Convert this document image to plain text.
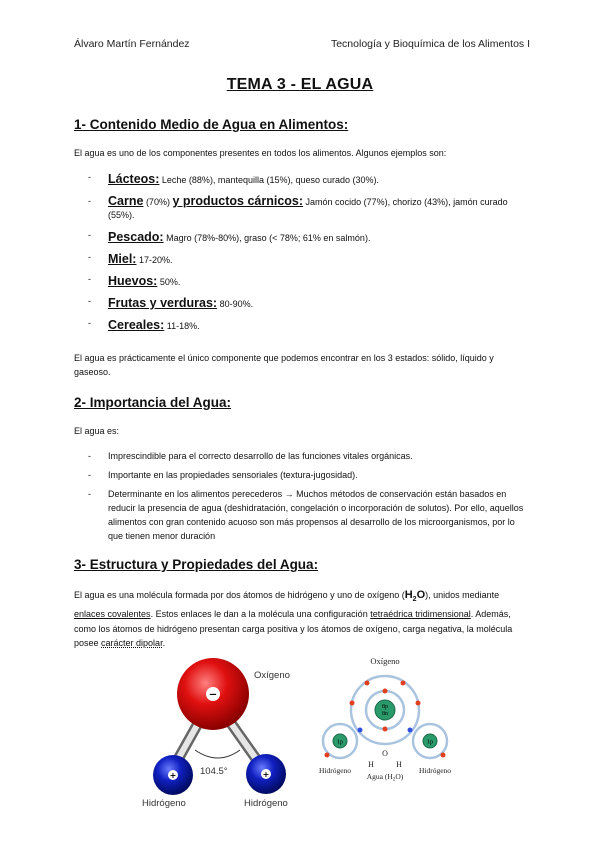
Álvaro Martín Fernández	Tecnología y Bioquímica de los Alimentos I
TEMA 3 - EL AGUA
1- Contenido Medio de Agua en Alimentos:
El agua es uno de los componentes presentes en todos los alimentos. Algunos ejemplos son:
- Lácteos: Leche (88%), mantequilla (15%), queso curado (30%).
- Carne (70%) y productos cárnicos: Jamón cocido (77%), chorizo (43%), jamón curado (55%).
- Pescado: Magro (78%-80%), graso (< 78%; 61% en salmón).
- Miel: 17-20%.
- Huevos: 50%.
- Frutas y verduras: 80-90%.
- Cereales: 11-18%.
El agua es prácticamente el único componente que podemos encontrar en los 3 estados: sólido, líquido y gaseoso.
2- Importancia del Agua:
El agua es:
- Imprescindible para el correcto desarrollo de las funciones vitales orgánicas.
- Importante en las propiedades sensoriales (textura-jugosidad).
- Determinante en los alimentos perecederos → Muchos métodos de conservación están basados en reducir la presencia de agua (deshidratación, congelación o incorporación de solutos). Por ello, aquellos alimentos con gran contenido acuoso son más propensos al desarrollo de los microorganismos, por lo que tienen menor duración
3- Estructura y Propiedades del Agua:
El agua es una molécula formada por dos átomos de hidrógeno y uno de oxígeno $(H_2O)$, unidos mediante enlaces covalentes. Estos enlaces le dan a la molécula una configuración tetraédrica tridimensional. Además, como los átomos de hidrógeno presentan carga positiva y los átomos de oxígeno, carga negativa, la molécula posee carácter dipolar.
−
+	+
Oxígeno
104.5°
Hidrógeno	Hidrógeno
Oxígeno
8p
8n
1p	1p
O
H	H
Hidrógeno	Hidrógeno
Agua $(H_2O)$
